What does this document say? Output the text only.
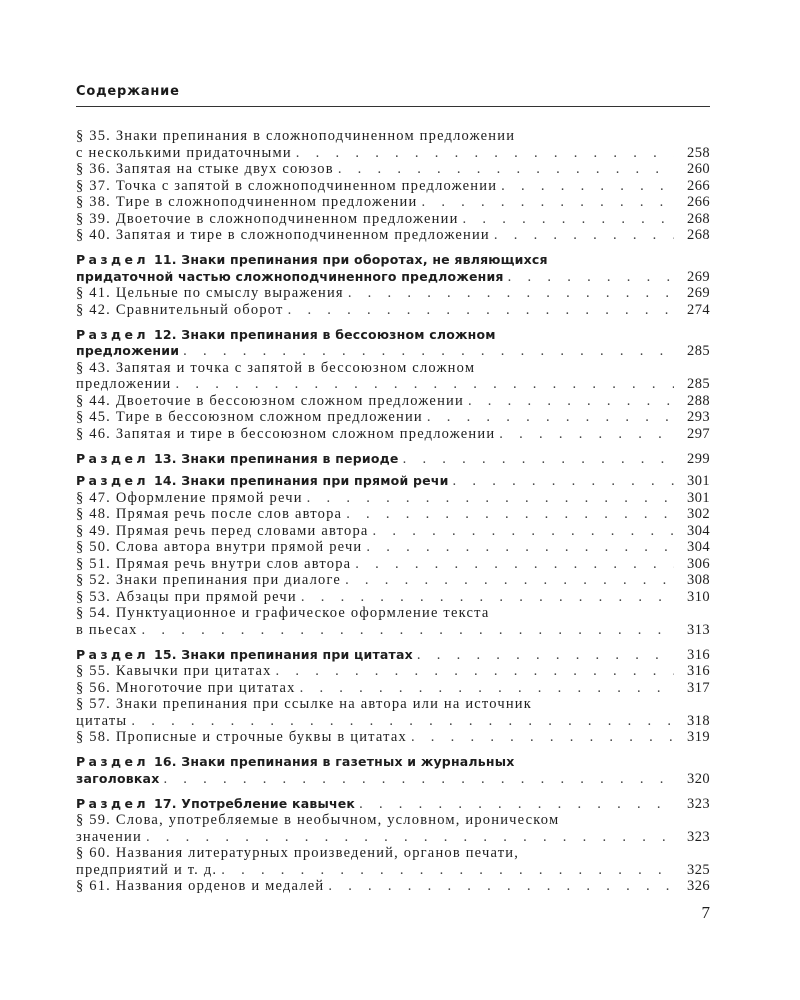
Содержание
§ 35. Знаки препинания в сложноподчиненном предложении
с несколькими придаточными . . .	258
§ 36. Запятая на стыке двух союзов . . .	260
§ 37. Точка с запятой в сложноподчиненном предложении . . .	266
§ 38. Тире в сложноподчиненном предложении . . .	266
§ 39. Двоеточие в сложноподчиненном предложении . . .	268
§ 40. Запятая и тире в сложноподчиненном предложении . . .	268
Раздел 11. Знаки препинания при оборотах, не являющихся
придаточной частью сложноподчиненного предложения . . .	269
§ 41. Цельные по смыслу выражения . . .	269
§ 42. Сравнительный оборот . . .	274
Раздел 12. Знаки препинания в бессоюзном сложном
предложении . . .	285
§ 43. Запятая и точка с запятой в бессоюзном сложном
предложении . . .	285
§ 44. Двоеточие в бессоюзном сложном предложении . . .	288
§ 45. Тире в бессоюзном сложном предложении . . .	293
§ 46. Запятая и тире в бессоюзном сложном предложении . . .	297
Раздел 13. Знаки препинания в периоде . . .	299
Раздел 14. Знаки препинания при прямой речи . . .	301
§ 47. Оформление прямой речи . . .	301
§ 48. Прямая речь после слов автора . . .	302
§ 49. Прямая речь перед словами автора . . .	304
§ 50. Слова автора внутри прямой речи . . .	304
§ 51. Прямая речь внутри слов автора . . .	306
§ 52. Знаки препинания при диалоге . . .	308
§ 53. Абзацы при прямой речи . . .	310
§ 54. Пунктуационное и графическое оформление текста
в пьесах . . .	313
Раздел 15. Знаки препинания при цитатах . . .	316
§ 55. Кавычки при цитатах . . .	316
§ 56. Многоточие при цитатах . . .	317
§ 57. Знаки препинания при ссылке на автора или на источник
цитаты . . .	318
§ 58. Прописные и строчные буквы в цитатах . . .	319
Раздел 16. Знаки препинания в газетных и журнальных
заголовках . . .	320
Раздел 17. Употребление кавычек . . .	323
§ 59. Слова, употребляемые в необычном, условном, ироническом
значении . . .	323
§ 60. Названия литературных произведений, органов печати,
предприятий и т. д. . . .	325
§ 61. Названия орденов и медалей . . .	326
7
